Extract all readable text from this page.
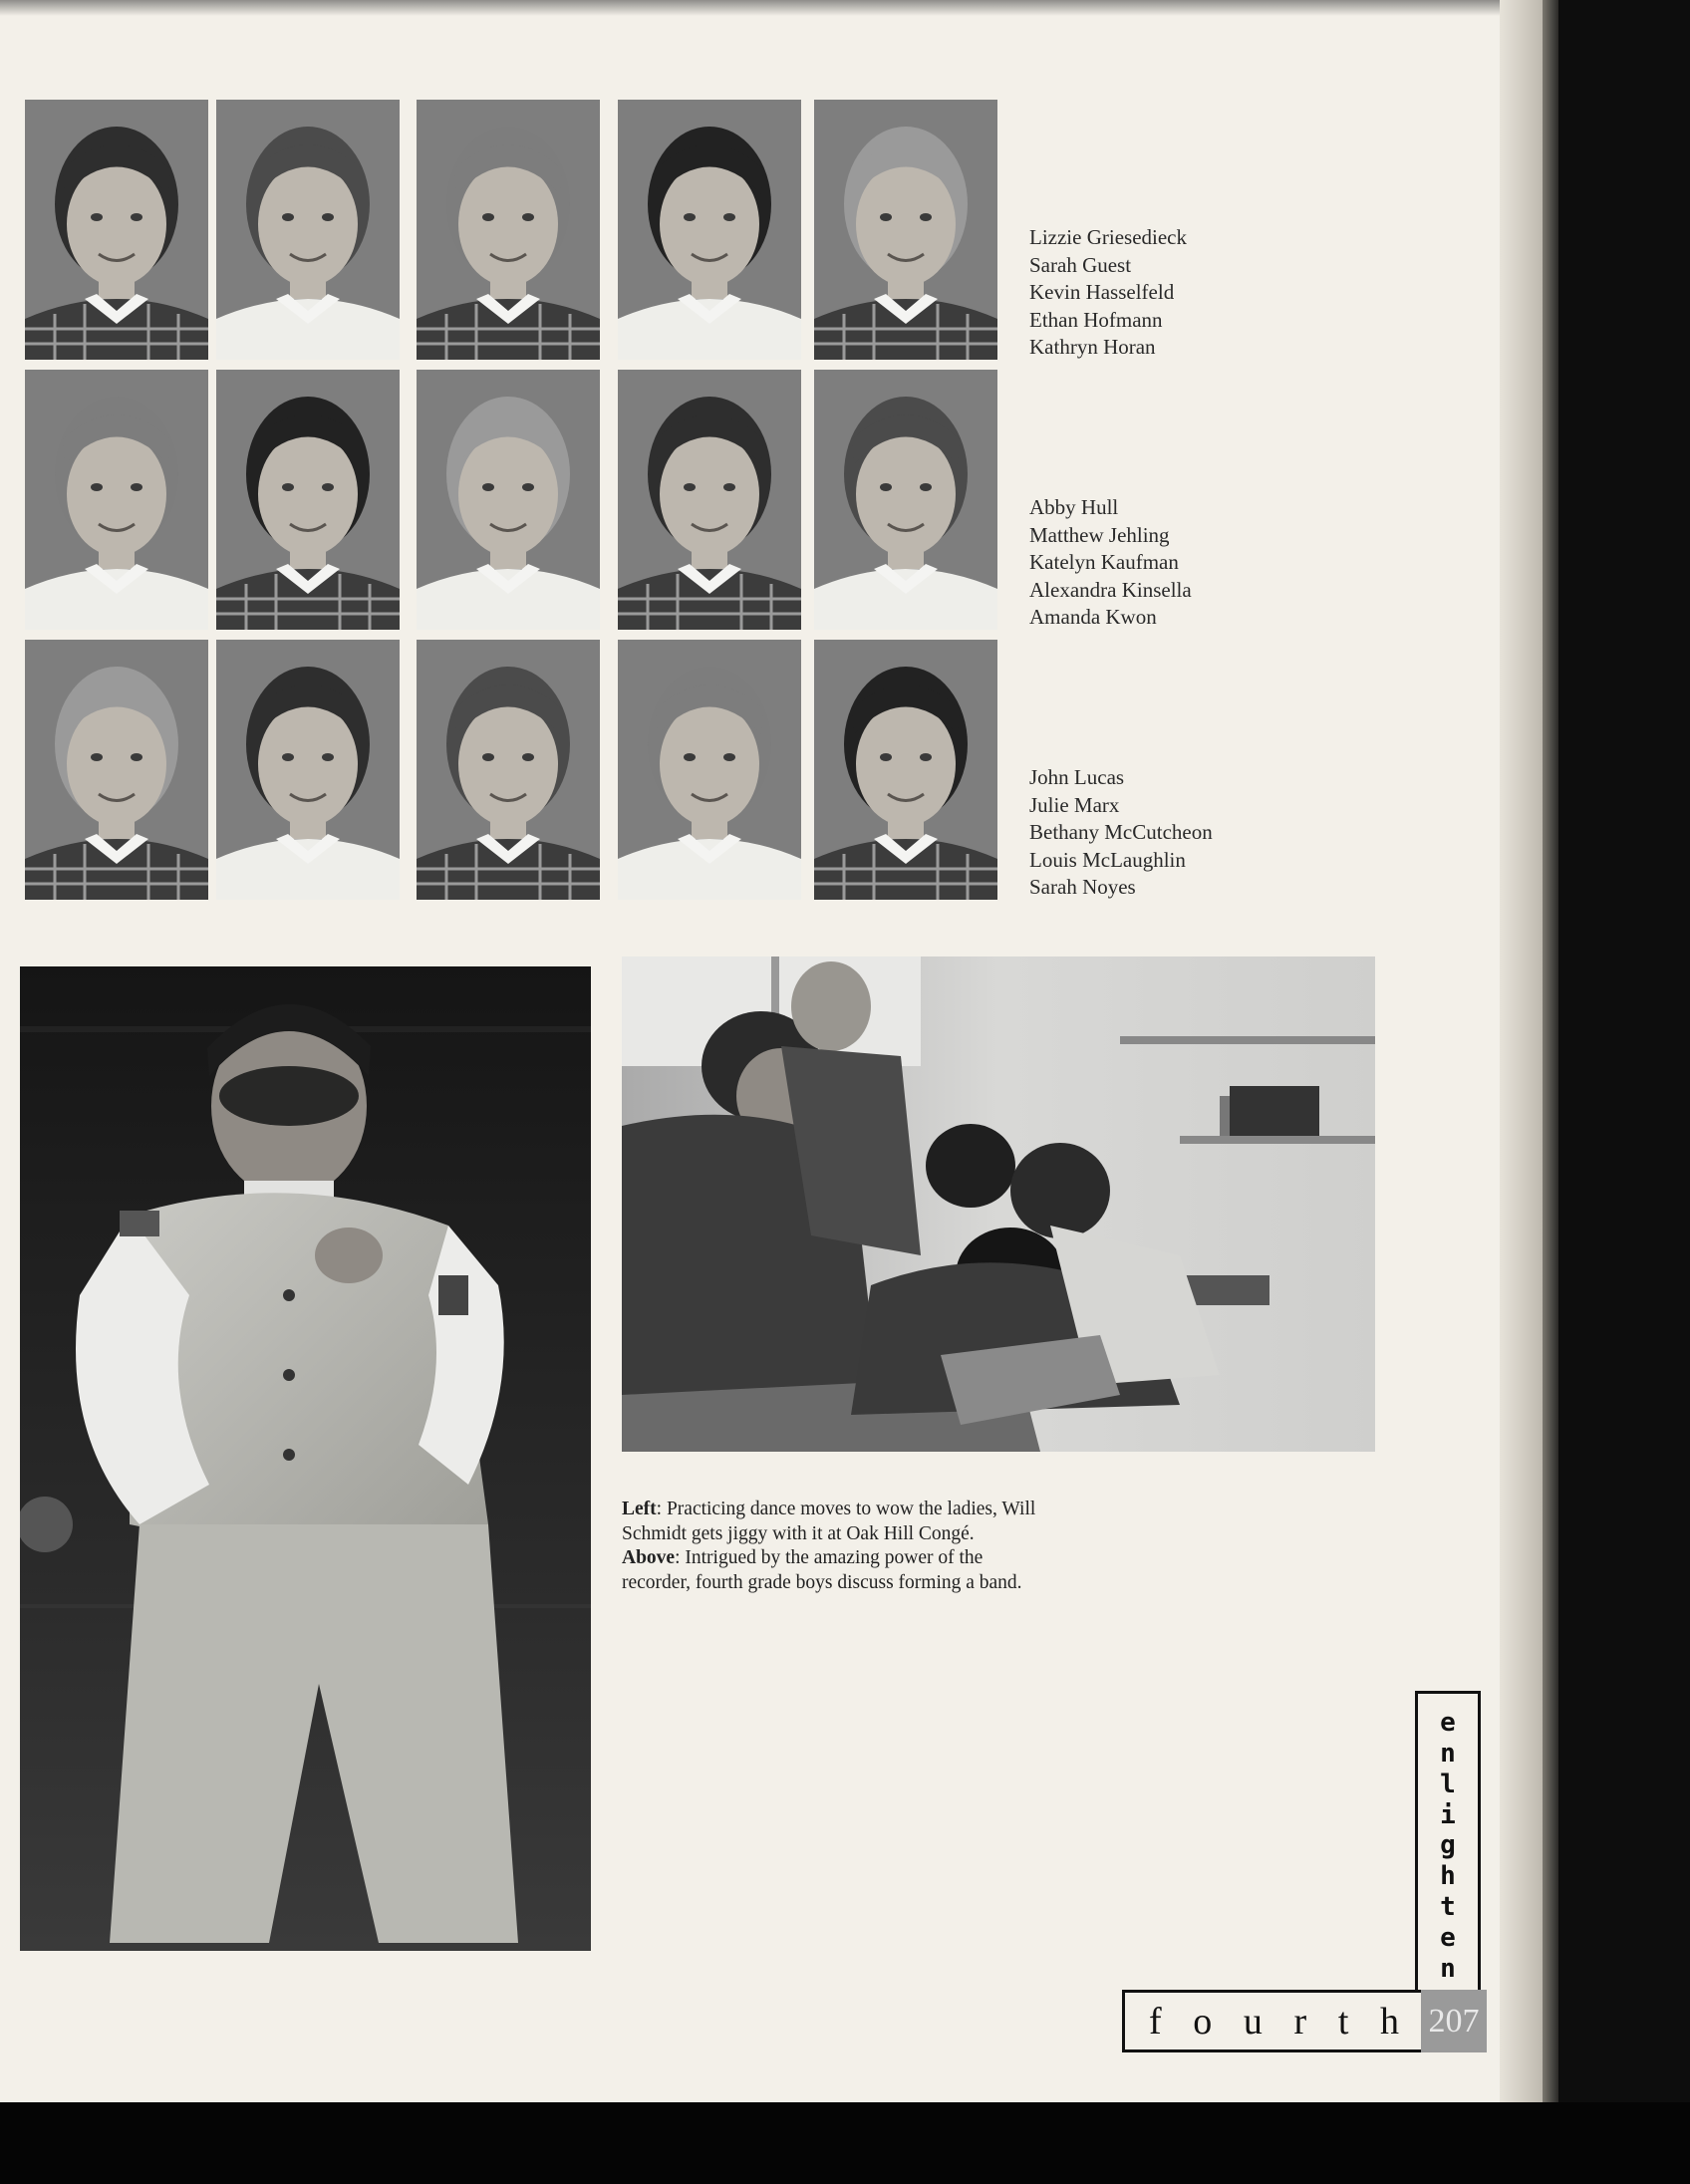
Lizzie Griesedieck
Sarah Guest
Kevin Hasselfeld
Ethan Hofmann
Kathryn Horan
Abby Hull
Matthew Jehling
Katelyn Kaufman
Alexandra Kinsella
Amanda Kwon
John Lucas
Julie Marx
Bethany McCutcheon
Louis McLaughlin
Sarah Noyes
Left: Practicing dance moves to wow the ladies, Will Schmidt gets jiggy with it at Oak Hill Congé.
Above: Intrigued by the amazing power of the recorder, fourth grade boys discuss forming a band.
e
n
l
i
g
h
t
e
n
f o u r t h 207
